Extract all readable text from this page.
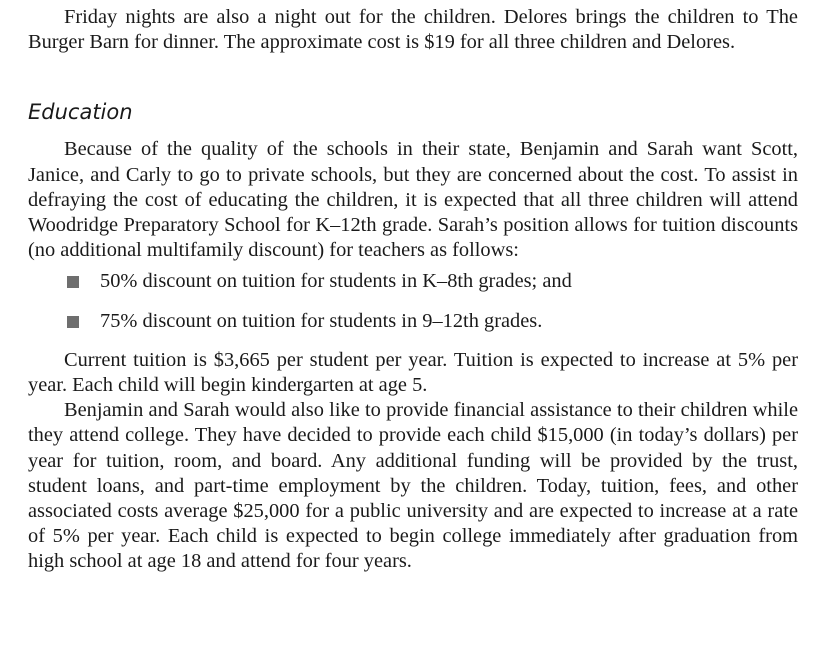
Friday nights are also a night out for the children. Delores brings the children to The Burger Barn for dinner. The approximate cost is $19 for all three children and Delores.

Education

Because of the quality of the schools in their state, Benjamin and Sarah want Scott, Janice, and Carly to go to private schools, but they are concerned about the cost. To assist in defraying the cost of educating the children, it is expected that all three children will attend Woodridge Preparatory School for K–12th grade. Sarah’s position allows for tuition discounts (no additional multifamily discount) for teachers as follows:

50% discount on tuition for students in K–8th grades; and
75% discount on tuition for students in 9–12th grades.

Current tuition is $3,665 per student per year. Tuition is expected to increase at 5% per year. Each child will begin kindergarten at age 5.

Benjamin and Sarah would also like to provide financial assistance to their children while they attend college. They have decided to provide each child $15,000 (in today’s dollars) per year for tuition, room, and board. Any additional funding will be provided by the trust, student loans, and part-time employment by the children. Today, tuition, fees, and other associated costs average $25,000 for a public university and are expected to increase at a rate of 5% per year. Each child is expected to begin college immediately after graduation from high school at age 18 and attend for four years.
